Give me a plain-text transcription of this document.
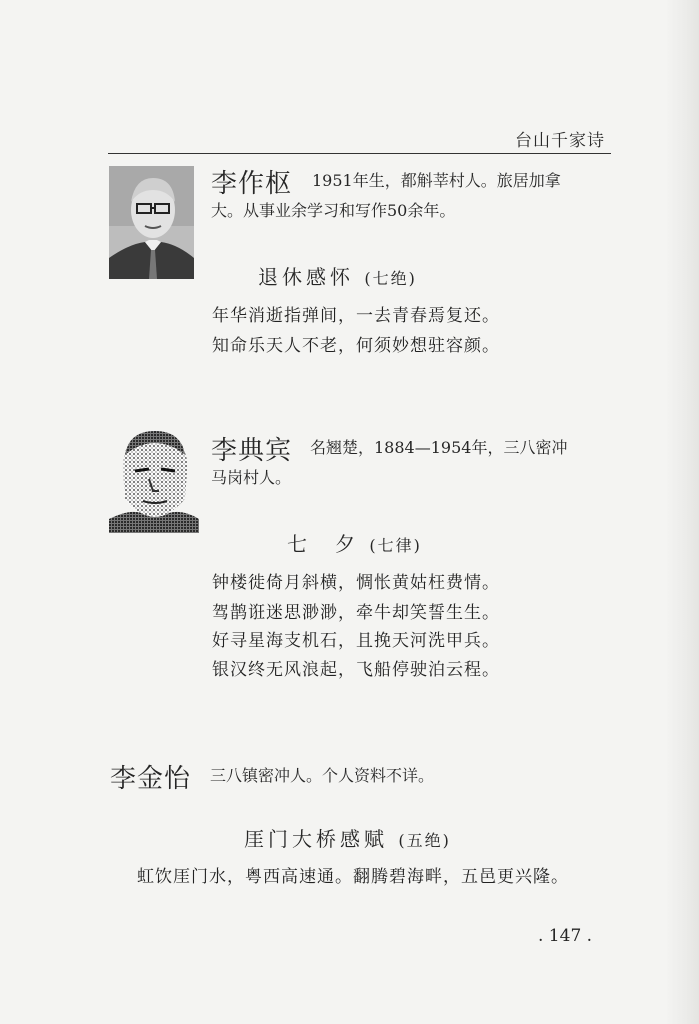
台山千家诗
李作枢 1951年生，都斛莘村人。旅居加拿
大。从事业余学习和写作50余年。
退休感怀 (七绝)
年华消逝指弹间，一去青春焉复还。
知命乐天人不老，何须妙想驻容颜。
李典宾 名翘楚，1884—1954年，三八密冲
马岗村人。
七　夕 (七律)
钟楼徙倚月斜横，惆怅黄姑枉费情。
驾鹊诳迷思渺渺，牵牛却笑誓生生。
好寻星海支机石，且挽天河洗甲兵。
银汉终无风浪起，飞船停驶泊云程。
李金怡 三八镇密冲人。个人资料不详。
厓门大桥感赋 (五绝)
虹饮厓门水，粤西高速通。翻腾碧海畔，五邑更兴隆。
. 147 .
